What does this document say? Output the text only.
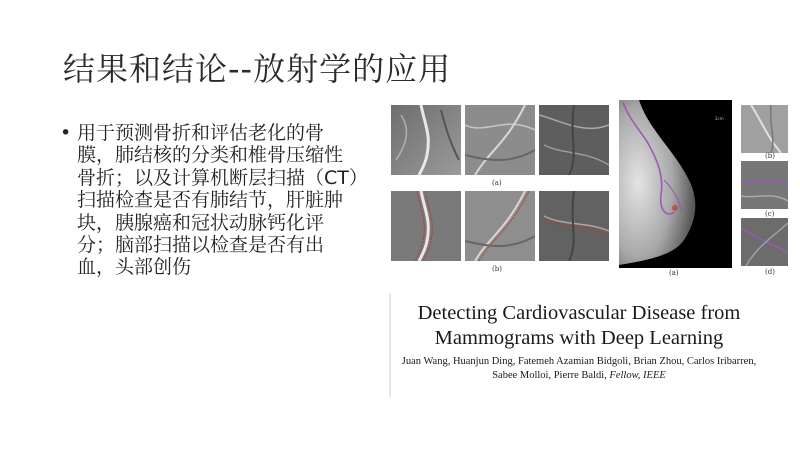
结果和结论--放射学的应用
• 用于预测骨折和评估老化的骨膜，肺结核的分类和椎骨压缩性骨折；以及计算机断层扫描（CT）扫描检查是否有肺结节，肝脏肿块，胰腺癌和冠状动脉钙化评分；脑部扫描以检查是否有出血，头部创伤
(a)
(b)
2cm
(a)
(b)
(c)
(d)
Detecting Cardiovascular Disease from
Mammograms with Deep Learning
Juan Wang, Huanjun Ding, Fatemeh Azamian Bidgoli, Brian Zhou, Carlos Iribarren,
Sabee Molloi, Pierre Baldi, Fellow, IEEE
